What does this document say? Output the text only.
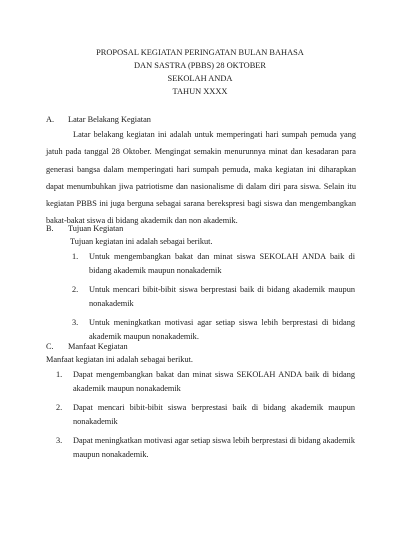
PROPOSAL KEGIATAN PERINGATAN BULAN BAHASA
DAN SASTRA (PBBS) 28 OKTOBER
SEKOLAH ANDA
TAHUN XXXX
A. Latar Belakang Kegiatan
Latar belakang kegiatan ini adalah untuk memperingati hari sumpah pemuda yang jatuh pada tanggal 28 Oktober. Mengingat semakin menurunnya minat dan kesadaran para generasi bangsa dalam memperingati hari sumpah pemuda, maka kegiatan ini diharapkan dapat menumbuhkan jiwa patriotisme dan nasionalisme di dalam diri para siswa. Selain itu kegiatan PBBS ini juga berguna sebagai sarana berekspresi bagi siswa dan mengembangkan bakat-bakat siswa di bidang akademik dan non akademik.
B. Tujuan Kegiatan
Tujuan kegiatan ini adalah sebagai berikut.
1. Untuk mengembangkan bakat dan minat siswa SEKOLAH ANDA baik di bidang akademik maupun nonakademik
2. Untuk mencari bibit-bibit siswa berprestasi baik di bidang akademik maupun nonakademik
3. Untuk meningkatkan motivasi agar setiap siswa lebih berprestasi di bidang akademik maupun nonakademik.
C. Manfaat Kegiatan
Manfaat kegiatan ini adalah sebagai berikut.
1. Dapat mengembangkan bakat dan minat siswa SEKOLAH ANDA baik di bidang akademik maupun nonakademik
2. Dapat mencari bibit-bibit siswa berprestasi baik di bidang akademik maupun nonakademik
3. Dapat meningkatkan motivasi agar setiap siswa lebih berprestasi di bidang akademik maupun nonakademik.
